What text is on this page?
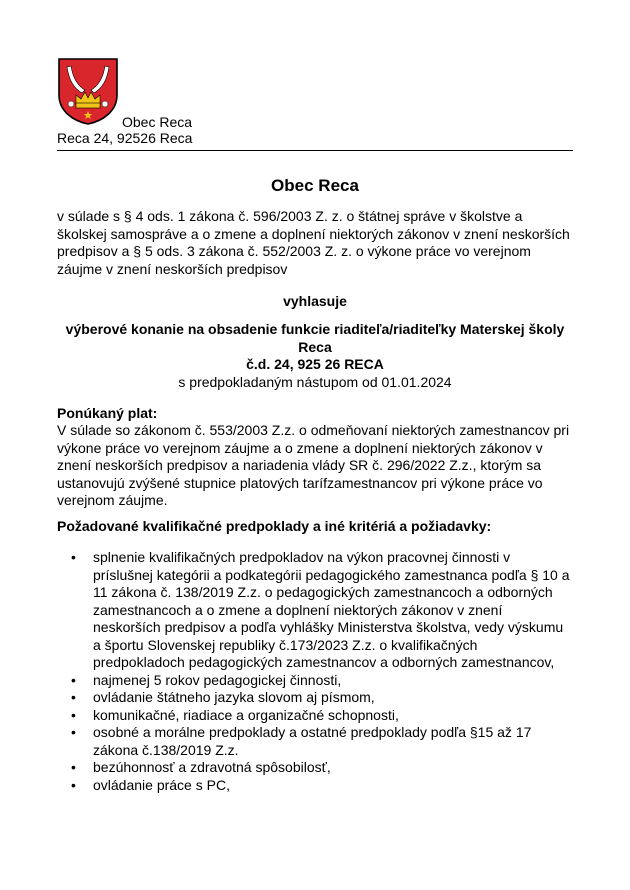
Obec Reca
Reca 24, 92526 Reca
Obec Reca
v súlade s § 4 ods. 1 zákona č. 596/2003 Z. z. o štátnej správe v školstve a školskej samospráve a o zmene a doplnení niektorých zákonov v znení neskorších predpisov a § 5 ods. 3 zákona č. 552/2003 Z. z. o výkone práce vo verejnom záujme v znení neskorších predpisov
vyhlasuje
výberové konanie na obsadenie funkcie riaditeľa/riaditeľky Materskej školy Reca
č.d. 24, 925 26 RECA
s predpokladaným nástupom od 01.01.2024
Ponúkaný plat:
V súlade so zákonom č. 553/2003 Z.z. o odmeňovaní niektorých zamestnancov pri výkone práce vo verejnom záujme a o zmene a doplnení niektorých zákonov v znení neskorších predpisov a nariadenia vlády SR č. 296/2022 Z.z., ktorým sa ustanovujú zvýšené stupnice platových tarífzamestnancov pri výkone práce vo verejnom záujme.
Požadované kvalifikačné predpoklady a iné kritériá a požiadavky:
• splnenie kvalifikačných predpokladov na výkon pracovnej činnosti v príslušnej kategórii a podkategórii pedagogického zamestnanca podľa § 10 a 11 zákona č. 138/2019 Z.z. o pedagogických zamestnancoch a odborných zamestnancoch a o zmene a doplnení niektorých zákonov v znení neskorších predpisov a podľa vyhlášky Ministerstva školstva, vedy výskumu a športu Slovenskej republiky č.173/2023 Z.z. o kvalifikačných predpokladoch pedagogických zamestnancov a odborných zamestnancov,
• najmenej 5 rokov pedagogickej činnosti,
• ovládanie štátneho jazyka slovom aj písmom,
• komunikačné, riadiace a organizačné schopnosti,
• osobné a morálne predpoklady a ostatné predpoklady podľa §15 až 17 zákona č.138/2019 Z.z.
• bezúhonnosť a zdravotná spôsobilosť,
• ovládanie práce s PC,
